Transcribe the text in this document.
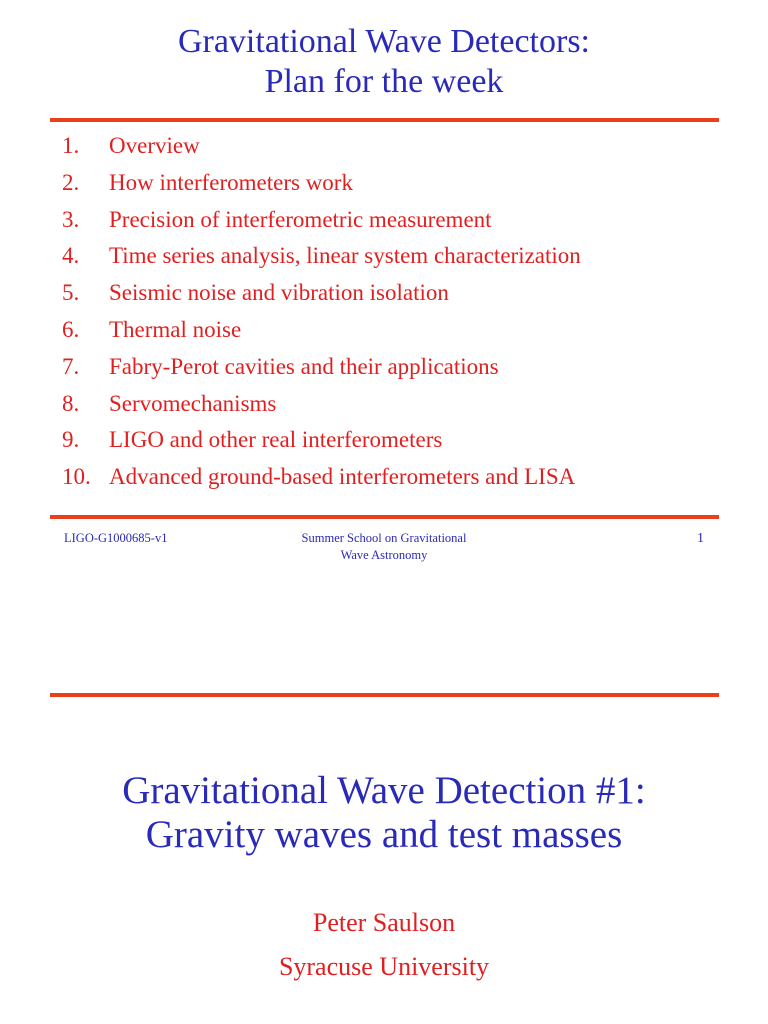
Gravitational Wave Detectors:
Plan for the week
1.	Overview
2.	How interferometers work
3.	Precision of interferometric measurement
4.	Time series analysis, linear system characterization
5.	Seismic noise and vibration isolation
6.	Thermal noise
7.	Fabry-Perot cavities and their applications
8.	Servomechanisms
9.	LIGO and other real interferometers
10. Advanced ground-based interferometers and LISA
LIGO-G1000685-v1	Summer School on Gravitational
Wave Astronomy
1
Gravitational Wave Detection #1:
Gravity waves and test masses
Peter Saulson
Syracuse University
